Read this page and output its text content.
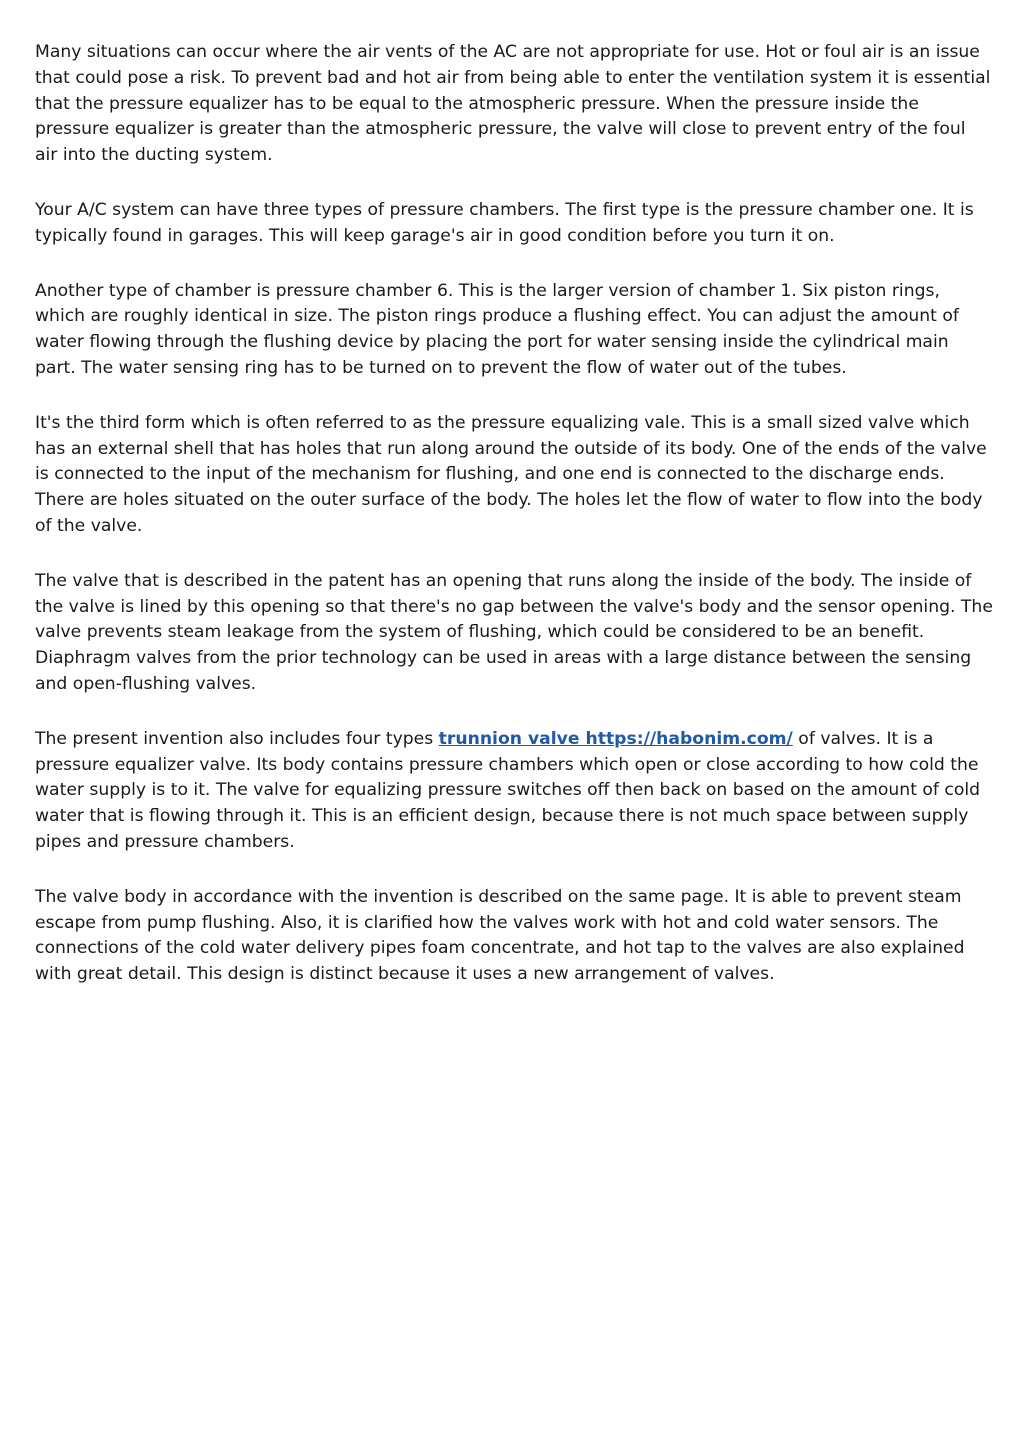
Many situations can occur where the air vents of the AC are not appropriate for use. Hot or foul air is an issue that could pose a risk. To prevent bad and hot air from being able to enter the ventilation system it is essential that the pressure equalizer has to be equal to the atmospheric pressure. When the pressure inside the pressure equalizer is greater than the atmospheric pressure, the valve will close to prevent entry of the foul air into the ducting system.

Your A/C system can have three types of pressure chambers. The first type is the pressure chamber one. It is typically found in garages. This will keep garage's air in good condition before you turn it on.

Another type of chamber is pressure chamber 6. This is the larger version of chamber 1. Six piston rings, which are roughly identical in size. The piston rings produce a flushing effect. You can adjust the amount of water flowing through the flushing device by placing the port for water sensing inside the cylindrical main part. The water sensing ring has to be turned on to prevent the flow of water out of the tubes.

It's the third form which is often referred to as the pressure equalizing vale. This is a small sized valve which has an external shell that has holes that run along around the outside of its body. One of the ends of the valve is connected to the input of the mechanism for flushing, and one end is connected to the discharge ends. There are holes situated on the outer surface of the body. The holes let the flow of water to flow into the body of the valve.

The valve that is described in the patent has an opening that runs along the inside of the body. The inside of the valve is lined by this opening so that there's no gap between the valve's body and the sensor opening. The valve prevents steam leakage from the system of flushing, which could be considered to be an benefit. Diaphragm valves from the prior technology can be used in areas with a large distance between the sensing and open-flushing valves.

The present invention also includes four types trunnion valve https://habonim.com/ of valves. It is a pressure equalizer valve. Its body contains pressure chambers which open or close according to how cold the water supply is to it. The valve for equalizing pressure switches off then back on based on the amount of cold water that is flowing through it. This is an efficient design, because there is not much space between supply pipes and pressure chambers.

The valve body in accordance with the invention is described on the same page. It is able to prevent steam escape from pump flushing. Also, it is clarified how the valves work with hot and cold water sensors. The connections of the cold water delivery pipes foam concentrate, and hot tap to the valves are also explained with great detail. This design is distinct because it uses a new arrangement of valves.
